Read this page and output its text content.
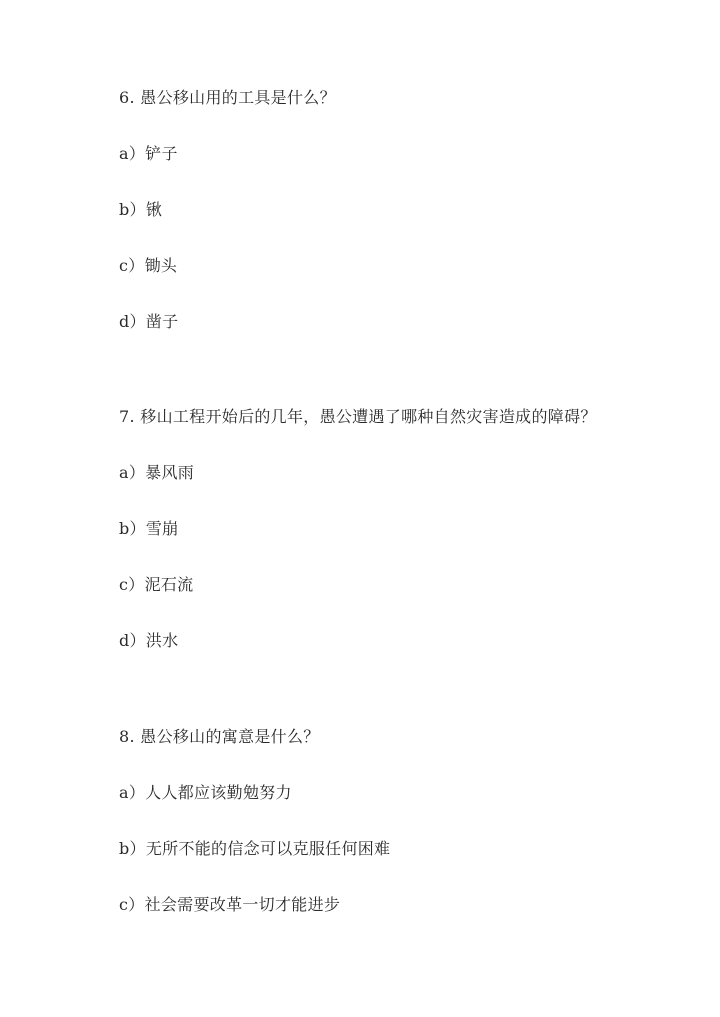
6. 愚公移山用的工具是什么？
a）铲子
b）锹
c）锄头
d）凿子
7. 移山工程开始后的几年，愚公遭遇了哪种自然灾害造成的障碍？
a）暴风雨
b）雪崩
c）泥石流
d）洪水
8. 愚公移山的寓意是什么？
a）人人都应该勤勉努力
b）无所不能的信念可以克服任何困难
c）社会需要改革一切才能进步
